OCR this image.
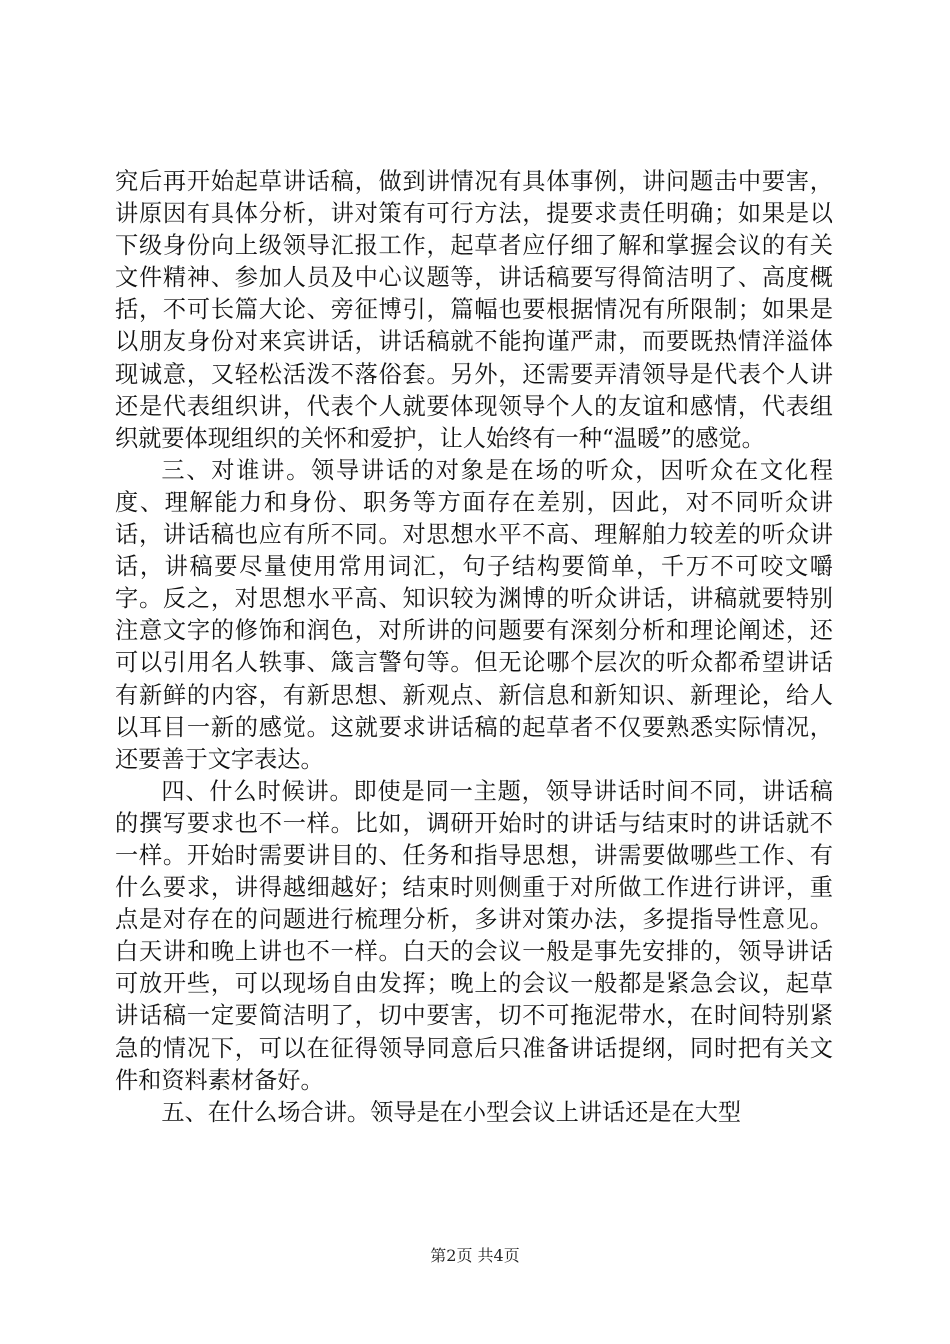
究后再开始起草讲话稿，做到讲情况有具体事例，讲问题击中要害，讲原因有具体分析，讲对策有可行方法，提要求责任明确；如果是以下级身份向上级领导汇报工作，起草者应仔细了解和掌握会议的有关文件精神、参加人员及中心议题等，讲话稿要写得简洁明了、高度概括，不可长篇大论、旁征博引，篇幅也要根据情况有所限制；如果是以朋友身份对来宾讲话，讲话稿就不能拘谨严肃，而要既热情洋溢体现诚意，又轻松活泼不落俗套。另外，还需要弄清领导是代表个人讲还是代表组织讲，代表个人就要体现领导个人的友谊和感情，代表组织就要体现组织的关怀和爱护，让人始终有一种“温暖”的感觉。

三、对谁讲。领导讲话的对象是在场的听众，因听众在文化程度、理解能力和身份、职务等方面存在差别，因此，对不同听众讲话，讲话稿也应有所不同。对思想水平不高、理解舶力较差的听众讲话，讲稿要尽量使用常用词汇，句子结构要简单，千万不可咬文嚼字。反之，对思想水平高、知识较为渊博的听众讲话，讲稿就要特别注意文字的修饰和润色，对所讲的问题要有深刻分析和理论阐述，还可以引用名人轶事、箴言警句等。但无论哪个层次的听众都希望讲话有新鲜的内容，有新思想、新观点、新信息和新知识、新理论，给人以耳目一新的感觉。这就要求讲话稿的起草者不仅要熟悉实际情况，还要善于文字表达。

四、什么时候讲。即使是同一主题，领导讲话时间不同，讲话稿的撰写要求也不一样。比如，调研开始时的讲话与结束时的讲话就不一样。开始时需要讲目的、任务和指导思想，讲需要做哪些工作、有什么要求，讲得越细越好；结束时则侧重于对所做工作进行讲评，重点是对存在的问题进行梳理分析，多讲对策办法，多提指导性意见。白天讲和晚上讲也不一样。白天的会议一般是事先安排的，领导讲话可放开些，可以现场自由发挥；晚上的会议一般都是紧急会议，起草讲话稿一定要简洁明了，切中要害，切不可拖泥带水，在时间特别紧急的情况下，可以在征得领导同意后只准备讲话提纲，同时把有关文件和资料素材备好。

五、在什么场合讲。领导是在小型会议上讲话还是在大型

第2页 共4页
